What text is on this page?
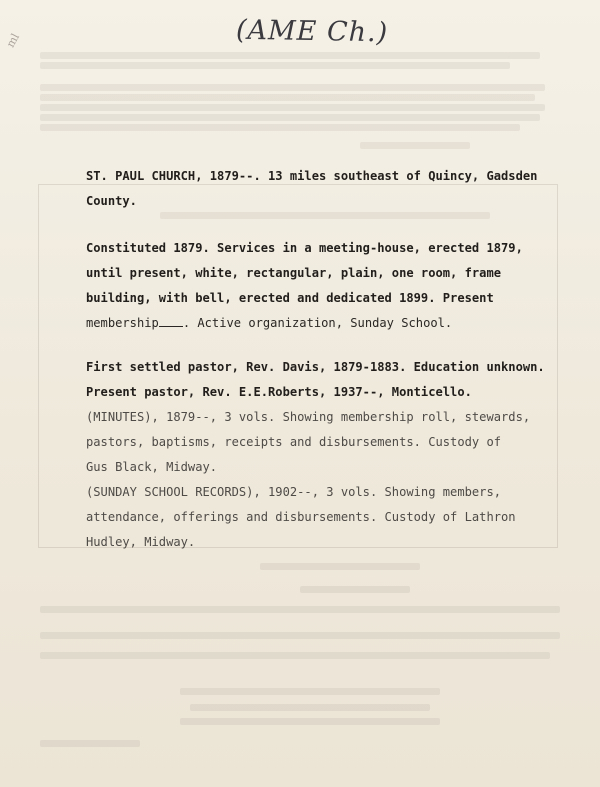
ml	(AME Ch.)
ST. PAUL CHURCH, 1879--. 13 miles southeast of Quincy, Gadsden
County.
Constituted 1879. Services in a meeting-house, erected 1879,
until present, white, rectangular, plain, one room, frame
building, with bell, erected and dedicated 1899. Present
membership . Active organization, Sunday School.
First settled pastor, Rev. Davis, 1879-1883. Education unknown.
Present pastor, Rev. E.E.Roberts, 1937--, Monticello.
(MINUTES), 1879--, 3 vols. Showing membership roll, stewards,
pastors, baptisms, receipts and disbursements. Custody of
Gus Black, Midway.
(SUNDAY SCHOOL RECORDS), 1902--, 3 vols. Showing members,
attendance, offerings and disbursements. Custody of Lathron
Hudley, Midway.
